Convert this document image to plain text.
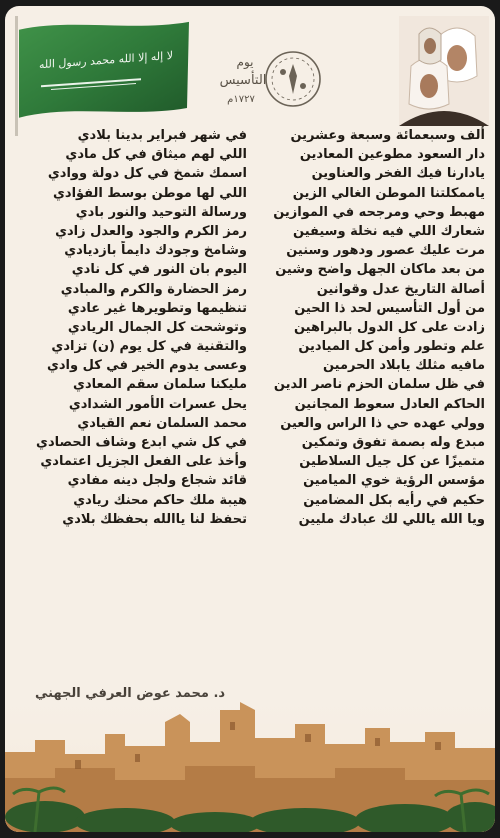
لا إله إلا الله محمد رسول الله	يوم
التأسيس
١٧٢٧م
ألف وسبعمائة وسبعة وعشرين
دار السعود مطوعين المعادين
يادارنا فيك الفخر والعناوين
ياممكلتنا الموطن الغالي الزين
مهبط وحي ومرجحه في الموازين
شعارك اللي فيه نخلة وسيفين
مرت عليك عصور ودهور وسنين
من بعد ماكان الجهل واضح وشين
أصالة التاريخ عدل وقوانين
من أول التأسيس لحد ذا الحين
زادت على كل الدول بالبراهين
علم وتطور وأمن كل الميادين
مافيه مثلك يابلاد الحرمين
في ظل سلمان الحزم ناصر الدين
الحاكم العادل سعوط المجانين
وولي عهده حي ذا الراس والعين
مبدع وله بصمة تفوق وتمكين
متميزًا عن كل جيل السلاطين
مؤسس الرؤية خوي الميامين
حكيم في رأيه بكل المضامين
ويا الله ياللي لك عبادك مليين
في شهر فبراير بدينا بلادي
اللي لهم ميثاق في كل مادي
اسمك شمخ في كل دولة ووادي
اللي لها موطن بوسط الفؤادي
ورسالة التوحيد والنور بادي
رمز الكرم والجود والعدل زادي
وشامخ وجودك دايماً بازديادي
اليوم بان النور في كل نادي
رمز الحضارة والكرم والمبادي
تنظيمها وتطويرها غير عادي
وتوشحت كل الجمال الريادي
والتقنية في كل يوم (ن) تزادي
وعسى يدوم الخير في كل وادي
مليكنا سلمان سقم المعادي
يحل عسرات الأمور الشدادي
محمد السلمان نعم القيادي
في كل شي ابدع وشاف الحصادي
وأخذ على الفعل الجزيل اعتمادي
قائد شجاع ولجل دينه مفادي
هيبة ملك حاكم محنك ريادي
تحفظ لنا ياالله بحفظك بلادي
